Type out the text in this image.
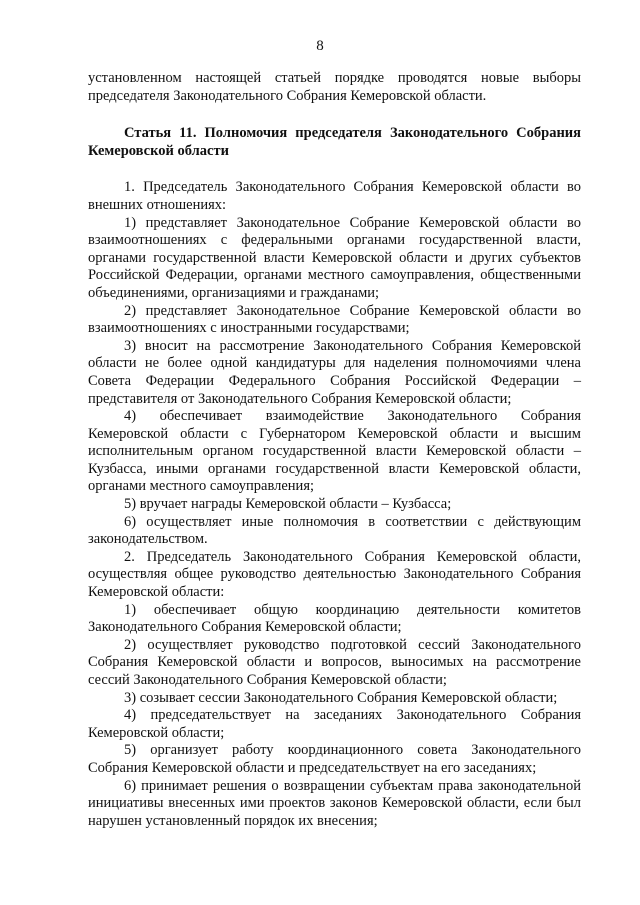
8

установленном настоящей статьей порядке проводятся новые выборы председателя Законодательного Собрания Кемеровской области.

Статья 11. Полномочия председателя Законодательного Собрания Кемеровской области

1. Председатель Законодательного Собрания Кемеровской области во внешних отношениях:

1) представляет Законодательное Собрание Кемеровской области во взаимоотношениях с федеральными органами государственной власти, органами государственной власти Кемеровской области и других субъектов Российской Федерации, органами местного самоуправления, общественными объединениями, организациями и гражданами;

2) представляет Законодательное Собрание Кемеровской области во взаимоотношениях с иностранными государствами;

3) вносит на рассмотрение Законодательного Собрания Кемеровской области не более одной кандидатуры для наделения полномочиями члена Совета Федерации Федерального Собрания Российской Федерации – представителя от Законодательного Собрания Кемеровской области;

4) обеспечивает взаимодействие Законодательного Собрания Кемеровской области с Губернатором Кемеровской области и высшим исполнительным органом государственной власти Кемеровской области – Кузбасса, иными органами государственной власти Кемеровской области, органами местного самоуправления;

5) вручает награды Кемеровской области – Кузбасса;

6) осуществляет иные полномочия в соответствии с действующим законодательством.

2. Председатель Законодательного Собрания Кемеровской области, осуществляя общее руководство деятельностью Законодательного Собрания Кемеровской области:

1) обеспечивает общую координацию деятельности комитетов Законодательного Собрания Кемеровской области;

2) осуществляет руководство подготовкой сессий Законодательного Собрания Кемеровской области и вопросов, выносимых на рассмотрение сессий Законодательного Собрания Кемеровской области;

3) созывает сессии Законодательного Собрания Кемеровской области;

4) председательствует на заседаниях Законодательного Собрания Кемеровской области;

5) организует работу координационного совета Законодательного Собрания Кемеровской области и председательствует на его заседаниях;

6) принимает решения о возвращении субъектам права законодательной инициативы внесенных ими проектов законов Кемеровской области, если был нарушен установленный порядок их внесения;
